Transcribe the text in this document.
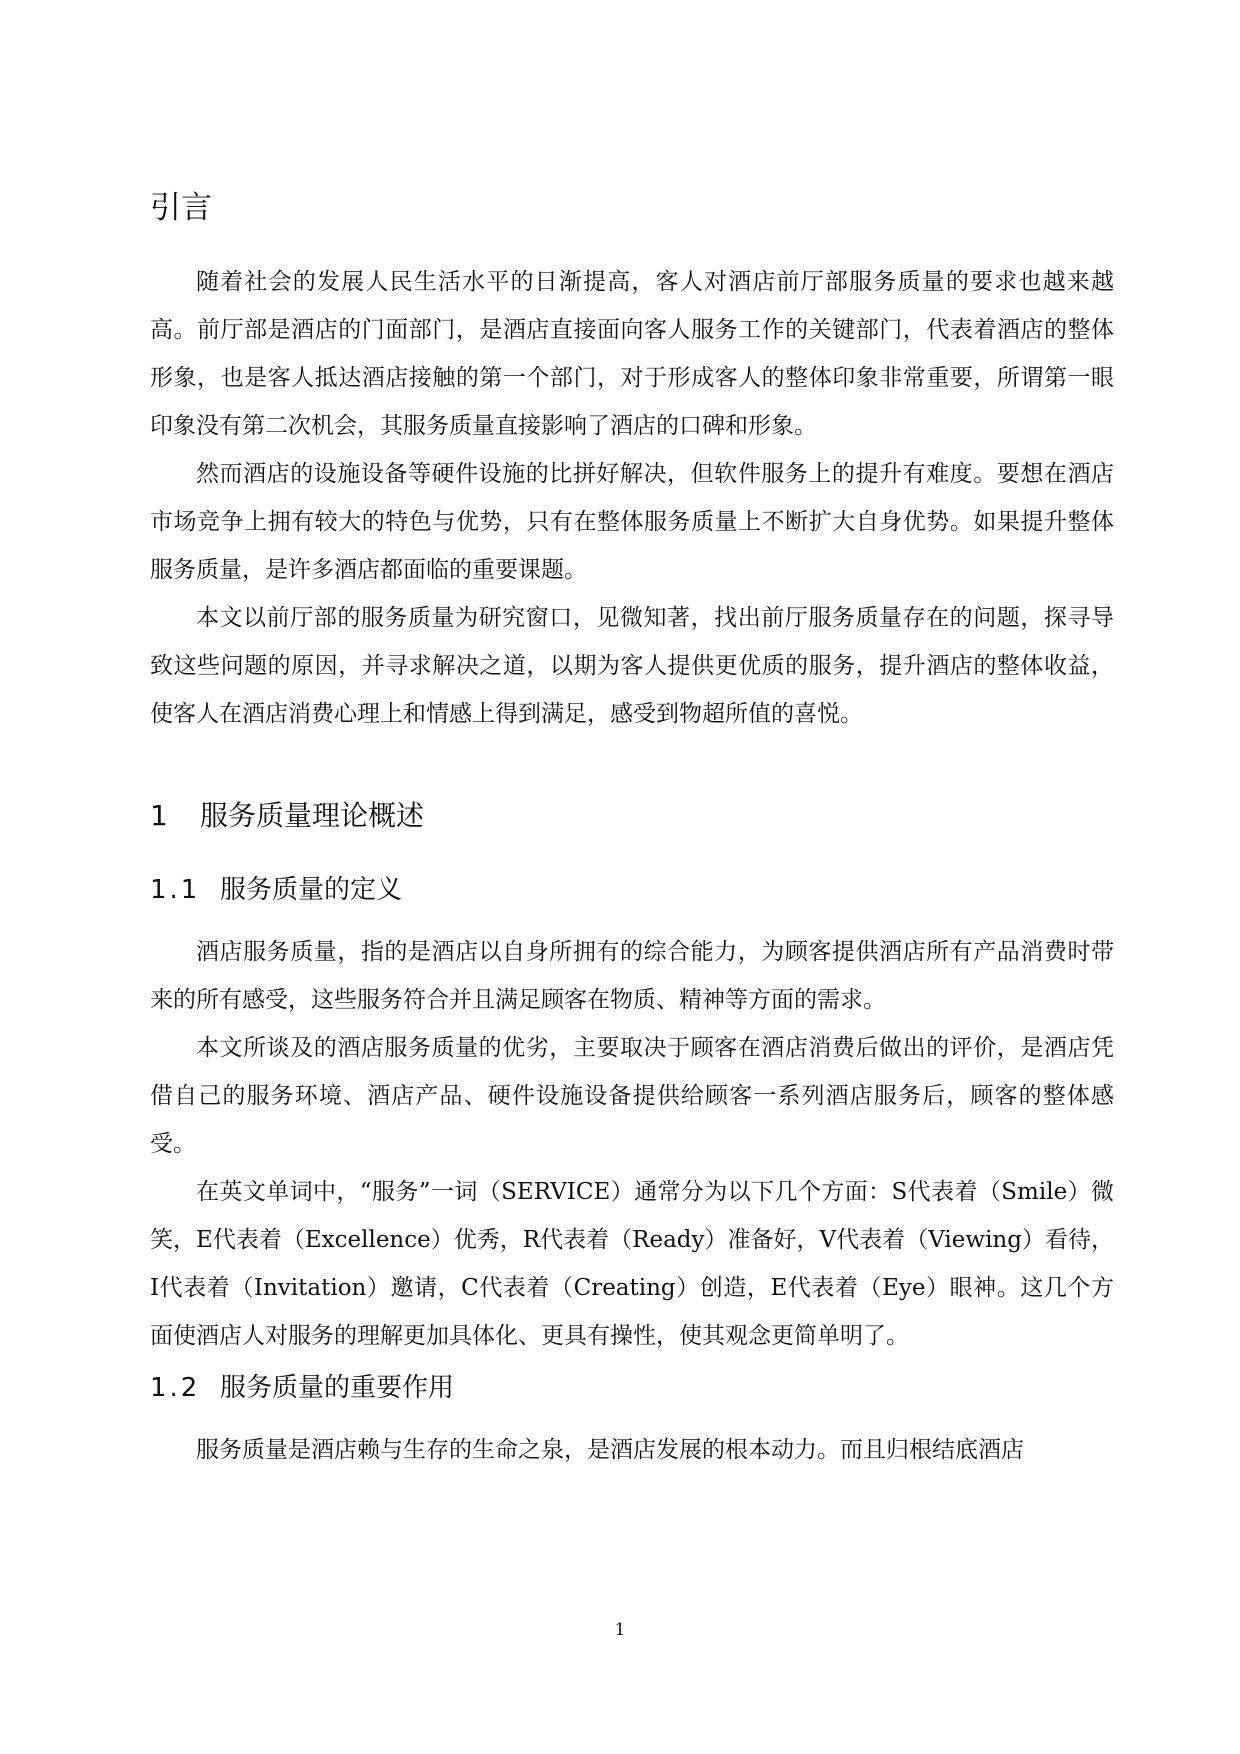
引言

随着社会的发展人民生活水平的日渐提高，客人对酒店前厅部服务质量的要求也越来越高。前厅部是酒店的门面部门，是酒店直接面向客人服务工作的关键部门，代表着酒店的整体形象，也是客人抵达酒店接触的第一个部门，对于形成客人的整体印象非常重要，所谓第一眼印象没有第二次机会，其服务质量直接影响了酒店的口碑和形象。

然而酒店的设施设备等硬件设施的比拼好解决，但软件服务上的提升有难度。要想在酒店市场竞争上拥有较大的特色与优势，只有在整体服务质量上不断扩大自身优势。如果提升整体服务质量，是许多酒店都面临的重要课题。

本文以前厅部的服务质量为研究窗口，见微知著，找出前厅服务质量存在的问题，探寻导致这些问题的原因，并寻求解决之道，以期为客人提供更优质的服务，提升酒店的整体收益， 使客人在酒店消费心理上和情感上得到满足，感受到物超所值的喜悦。

1	服务质量理论概述
1.1 服务质量的定义

酒店服务质量，指的是酒店以自身所拥有的综合能力，为顾客提供酒店所有产品消费时带来的所有感受，这些服务符合并且满足顾客在物质、精神等方面的需求。

本文所谈及的酒店服务质量的优劣，主要取决于顾客在酒店消费后做出的评价，是酒店凭借自己的服务环境、酒店产品、硬件设施设备提供给顾客一系列酒店服务后，顾客的整体感受。

在英文单词中，“服务”一词（SERVICE）通常分为以下几个方面：S代表着（Smile）微笑，E代表着（Excellence）优秀，R代表着（Ready）准备好，V代表着（Viewing）看待，I代表着（Invitation）邀请，C代表着（Creating）创造，E代表着（Eye）眼神。这几个方面使酒店人对服务的理解更加具体化、更具有操性，使其观念更简单明了。

1.2 服务质量的重要作用

服务质量是酒店赖与生存的生命之泉，是酒店发展的根本动力。而且归根结底酒店

1
